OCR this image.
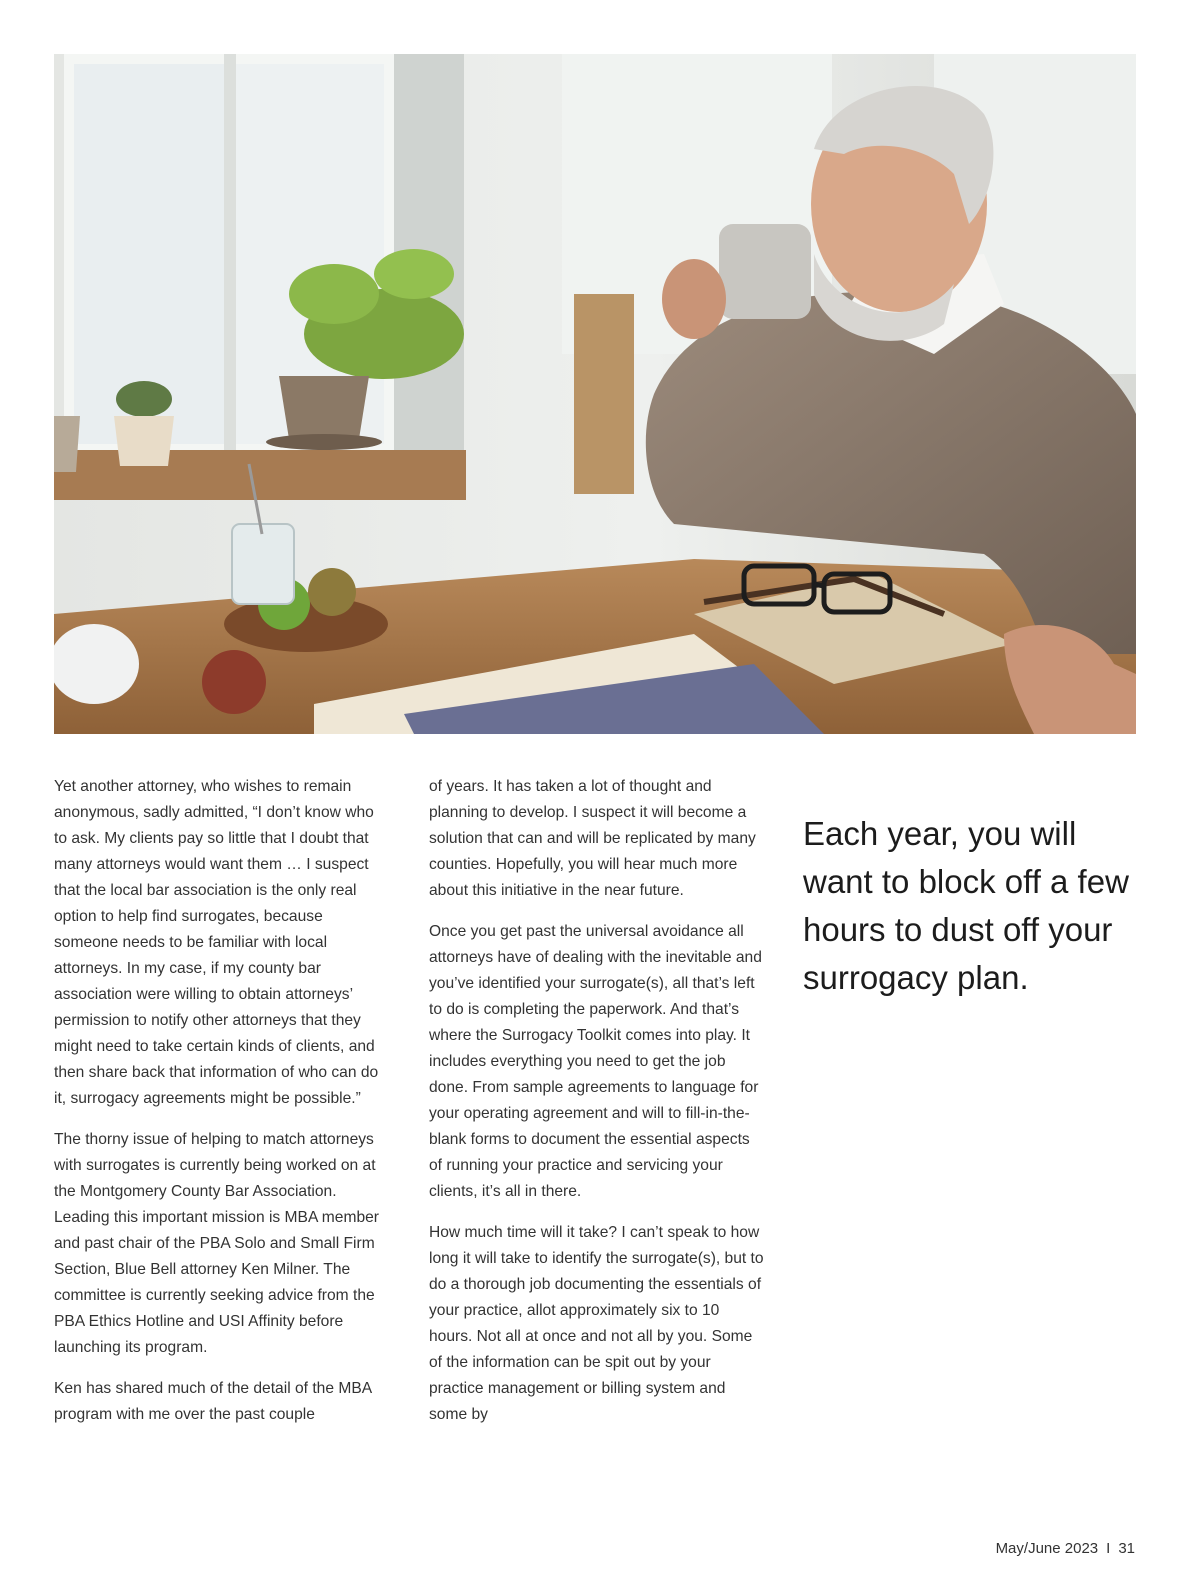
Yet another attorney, who wishes to remain anonymous, sadly admitted, “I don’t know who to ask. My clients pay so little that I doubt that many attorneys would want them … I suspect that the local bar association is the only real option to help find surrogates, because someone needs to be familiar with local attorneys. In my case, if my county bar association were willing to obtain attorneys’ permission to notify other attorneys that they might need to take certain kinds of clients, and then share back that information of who can do it, surrogacy agreements might be possible.”

The thorny issue of helping to match attorneys with surrogates is currently being worked on at the Montgomery County Bar Association. Leading this important mission is MBA member and past chair of the PBA Solo and Small Firm Section, Blue Bell attorney Ken Milner. The committee is currently seeking advice from the PBA Ethics Hotline and USI Affinity before launching its program.

Ken has shared much of the detail of the MBA program with me over the past couple

of years. It has taken a lot of thought and planning to develop. I suspect it will become a solution that can and will be replicated by many counties. Hopefully, you will hear much more about this initiative in the near future.

Once you get past the universal avoidance all attorneys have of dealing with the inevitable and you’ve identified your surrogate(s), all that’s left to do is completing the paperwork. And that’s where the Surrogacy Toolkit comes into play. It includes everything you need to get the job done. From sample agreements to language for your operating agreement and will to fill-in-the-blank forms to document the essential aspects of running your practice and servicing your clients, it’s all in there.

How much time will it take? I can’t speak to how long it will take to identify the surrogate(s), but to do a thorough job documenting the essentials of your practice, allot approximately six to 10 hours. Not all at once and not all by you. Some of the information can be spit out by your practice management or billing system and some by

Each year, you will want to block off a few hours to dust off your surrogacy plan.
May/June 2023 I 31
